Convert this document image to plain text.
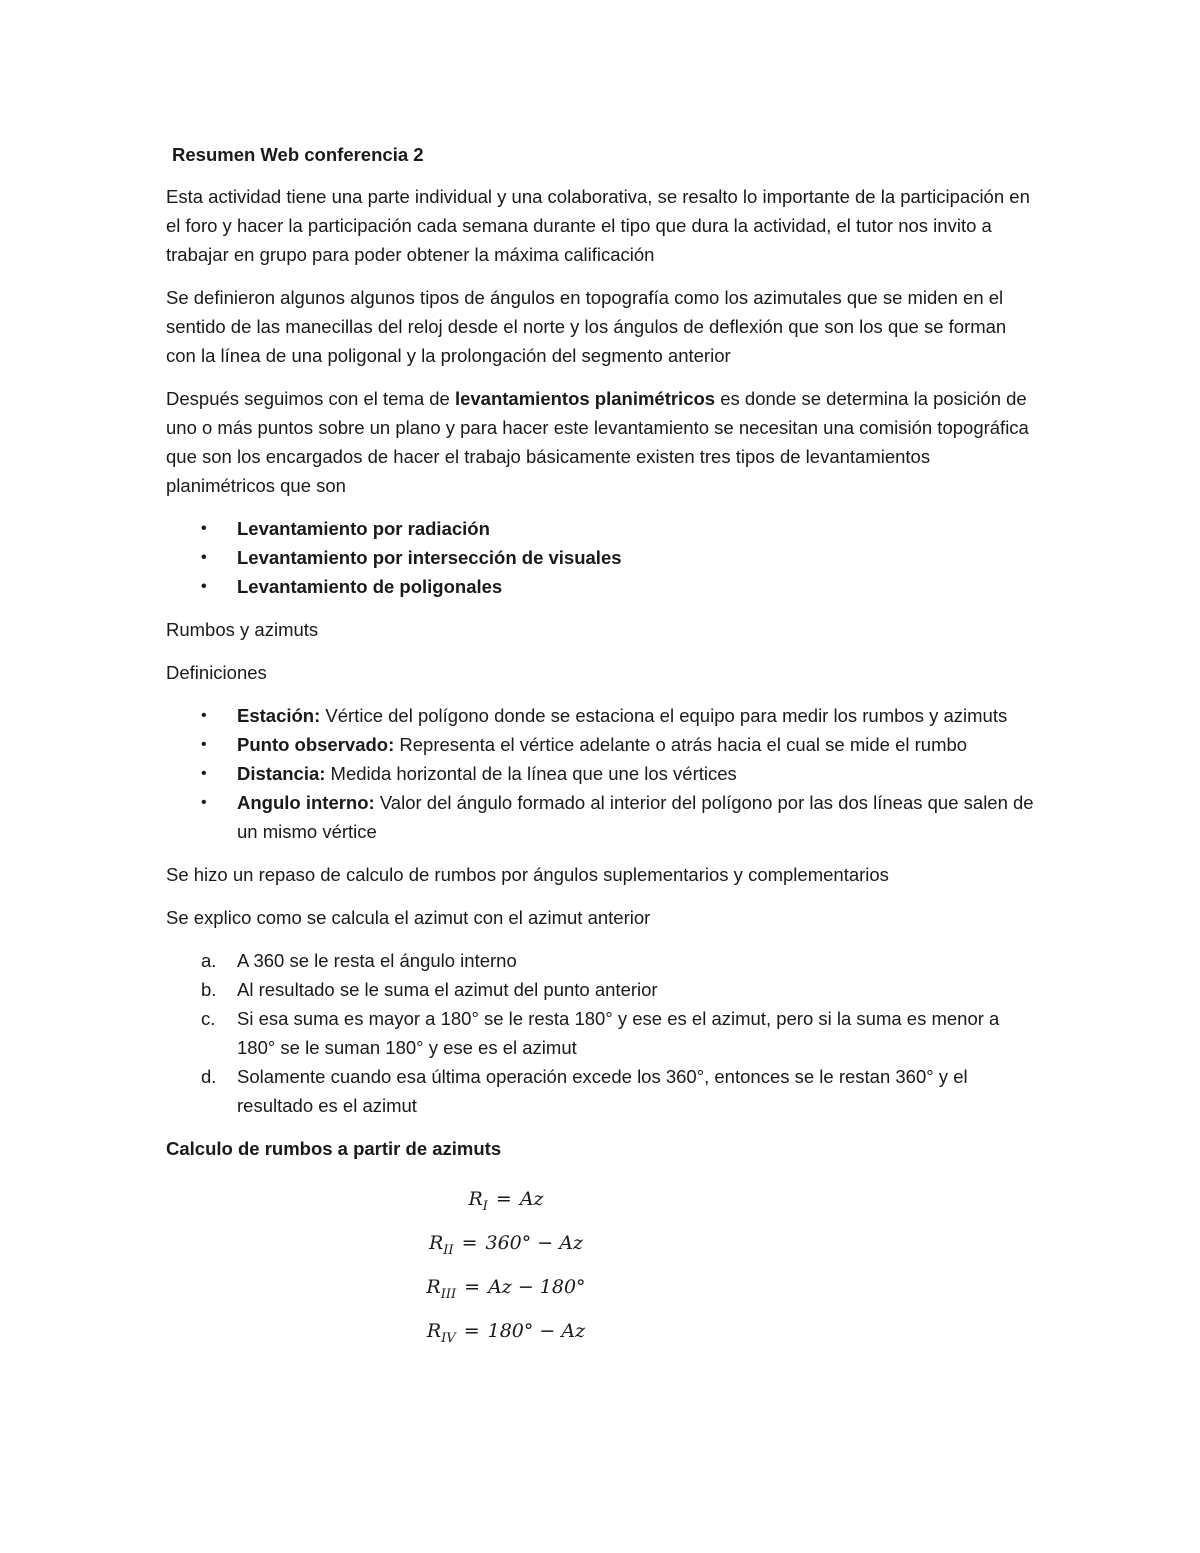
Resumen Web conferencia 2

Esta actividad tiene una parte individual y una colaborativa, se resalto lo importante de la participación en el foro y hacer la participación cada semana durante el tipo que dura la actividad, el tutor nos invito a trabajar en grupo para poder obtener la máxima calificación

Se definieron algunos algunos tipos de ángulos en topografía como los azimutales que se miden en el sentido de las manecillas del reloj desde el norte y los ángulos de deflexión que son los que se forman con la línea de una poligonal y la prolongación del segmento anterior

Después seguimos con el tema de levantamientos planimétricos es donde se determina la posición de uno o más puntos sobre un plano y para hacer este levantamiento se necesitan una comisión topográfica que son los encargados de hacer el trabajo básicamente existen tres tipos de levantamientos planimétricos que son

• Levantamiento por radiación
• Levantamiento por intersección de visuales
• Levantamiento de poligonales

Rumbos y azimuts

Definiciones

• Estación: Vértice del polígono donde se estaciona el equipo para medir los rumbos y azimuts
• Punto observado: Representa el vértice adelante o atrás hacia el cual se mide el rumbo
• Distancia: Medida horizontal de la línea que une los vértices
• Angulo interno: Valor del ángulo formado al interior del polígono por las dos líneas que salen de un mismo vértice

Se hizo un repaso de calculo de rumbos por ángulos suplementarios y complementarios

Se explico como se calcula el azimut con el azimut anterior

a. A 360 se le resta el ángulo interno
b. Al resultado se le suma el azimut del punto anterior
c. Si esa suma es mayor a 180° se le resta 180° y ese es el azimut, pero si la suma es menor a 180° se le suman 180° y ese es el azimut
d. Solamente cuando esa última operación excede los 360°, entonces se le restan 360° y el resultado es el azimut
Calculo de rumbos a partir de azimuts
$R_I = Az$
$R_{II} = 360^\circ - Az$
$R_{III} = Az - 180^\circ$
$R_{IV} = 180^\circ - Az$
